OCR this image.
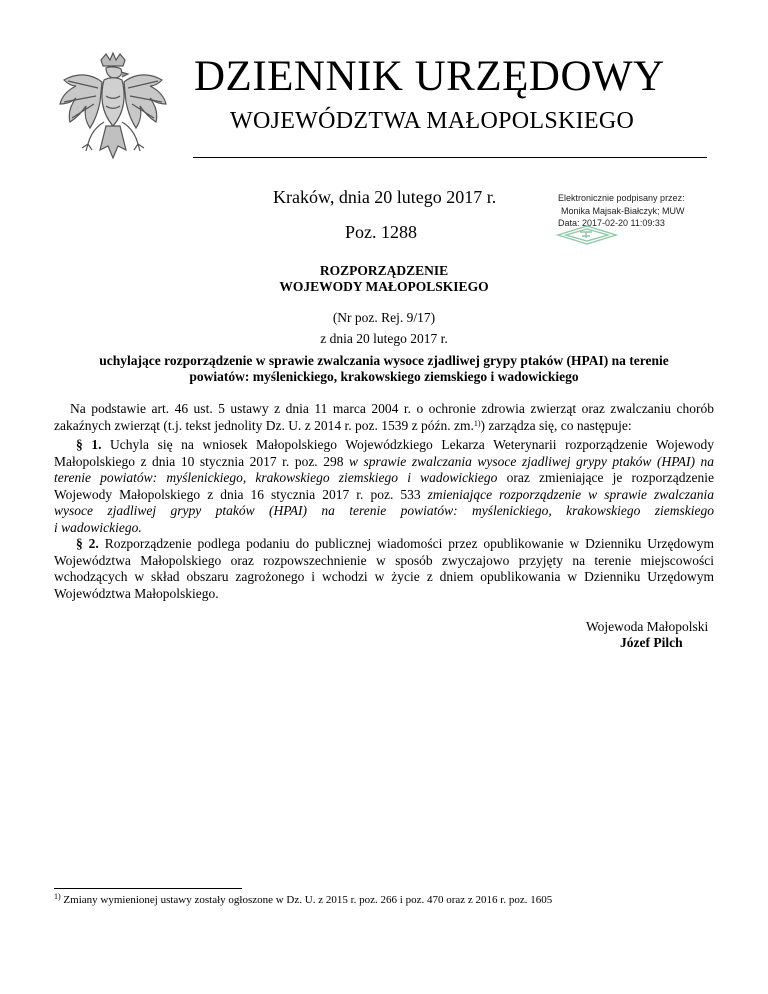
DZIENNIK URZĘDOWY
WOJEWÓDZTWA MAŁOPOLSKIEGO
Kraków, dnia 20 lutego 2017 r.
Poz. 1288
Elektronicznie podpisany przez:
Monika Majsak-Białczyk; MUW
Data: 2017-02-20 11:09:33
ROZPORZĄDZENIE
WOJEWODY MAŁOPOLSKIEGO
(Nr poz. Rej. 9/17)
z dnia 20 lutego 2017 r.
uchylające rozporządzenie w sprawie zwalczania wysoce zjadliwej grypy ptaków (HPAI) na terenie
powiatów: myślenickiego, krakowskiego ziemskiego i wadowickiego
Na podstawie art. 46 ust. 5 ustawy z dnia 11 marca 2004 r. o ochronie zdrowia zwierząt oraz zwalczaniu chorób
zakaźnych zwierząt (t.j. tekst jednolity Dz. U. z 2014 r. poz. 1539 z późn. zm.$^{1)}$) zarządza się, co następuje:
§ 1. Uchyla się na wniosek Małopolskiego Wojewódzkiego Lekarza Weterynarii rozporządzenie Wojewody
Małopolskiego z dnia 10 stycznia 2017 r. poz. 298 w sprawie zwalczania wysoce zjadliwej grypy ptaków (HPAI) na
terenie powiatów: myślenickiego, krakowskiego ziemskiego i wadowickiego oraz zmieniające je rozporządzenie
Wojewody Małopolskiego z dnia 16 stycznia 2017 r. poz. 533 zmieniające rozporządzenie w sprawie zwalczania
wysoce zjadliwej grypy ptaków (HPAI) na terenie powiatów: myślenickiego, krakowskiego ziemskiego
i wadowickiego.
§ 2. Rozporządzenie podlega podaniu do publicznej wiadomości przez opublikowanie w Dzienniku Urzędowym
Województwa Małopolskiego oraz rozpowszechnienie w sposób zwyczajowo przyjęty na terenie miejscowości
wchodzących w skład obszaru zagrożonego i wchodzi w życie z dniem opublikowania w Dzienniku Urzędowym
Województwa Małopolskiego.
Wojewoda Małopolski
Józef Pilch
$^{1)}$ Zmiany wymienionej ustawy zostały ogłoszone w Dz. U. z 2015 r. poz. 266 i poz. 470 oraz z 2016 r. poz. 1605
